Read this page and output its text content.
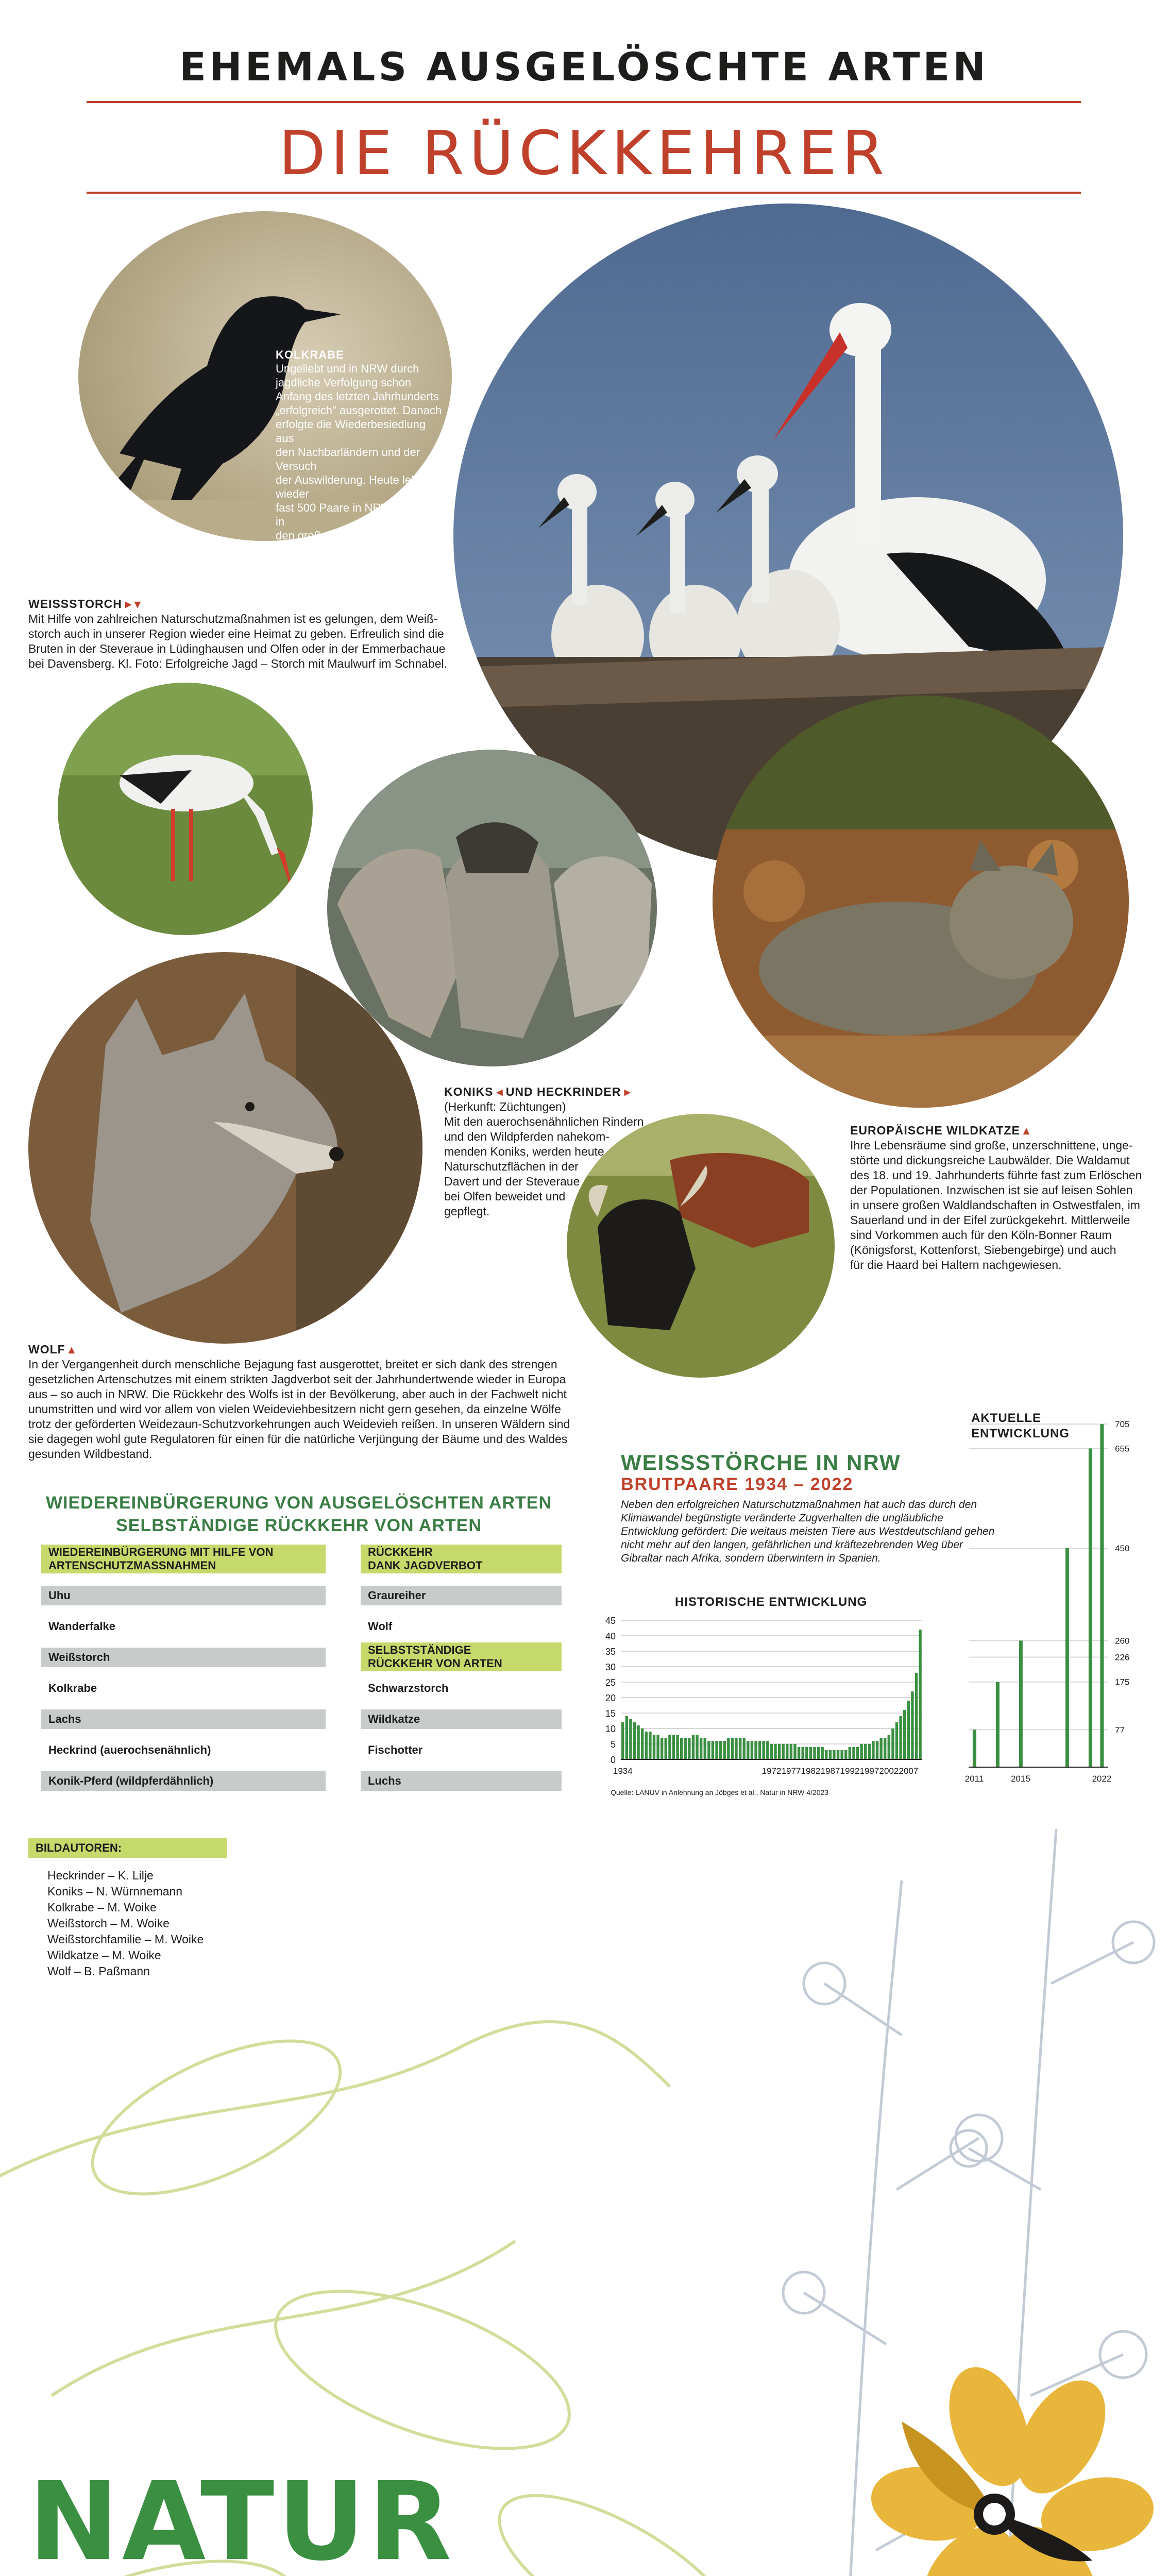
EHEMALS AUSGELÖSCHTE ARTEN
DIE RÜCKKEHRER
KOLKRABE
Ungeliebt und in NRW durch
jagdliche Verfolgung schon
Anfang des letzten Jahrhunderts
„erfolgreich" ausgerottet. Danach
erfolgte die Wiederbesiedlung aus
den Nachbarländern und der Versuch
der Auswilderung. Heute leben wieder
fast 500 Paare in NRW, vor allem in
den großen Waldregionen.
WEISSSTORCH ▸ ▾
Mit Hilfe von zahlreichen Naturschutzmaßnahmen ist es gelungen, dem Weiß-
storch auch in unserer Region wieder eine Heimat zu geben. Erfreulich sind die
Bruten in der Steveraue in Lüdinghausen und Olfen oder in der Emmerbachaue
bei Davensberg. Kl. Foto: Erfolgreiche Jagd – Storch mit Maulwurf im Schnabel.
KONIKS ◂ UND HECKRINDER ▸ (Herkunft: Züchtungen)
Mit den auerochsenähnlichen Rindern
und den Wildpferden nahekom-
menden Koniks, werden heute
Naturschutzflächen in der
Davert und der Steveraue
bei Olfen beweidet und
gepflegt.
EUROPÄISCHE WILDKATZE ▴
Ihre Lebensräume sind große, unzerschnittene, unge-
störte und dickungsreiche Laubwälder. Die Waldamut
des 18. und 19. Jahrhunderts führte fast zum Erlöschen
der Populationen. Inzwischen ist sie auf leisen Sohlen
in unsere großen Waldlandschaften in Ostwestfalen, im
Sauerland und in der Eifel zurückgekehrt. Mittlerweile
sind Vorkommen auch für den Köln-Bonner Raum
(Königsforst, Kottenforst, Siebengebirge) und auch
für die Haard bei Haltern nachgewiesen.
WOLF ▴
In der Vergangenheit durch menschliche Bejagung fast ausgerottet, breitet er sich dank des strengen
gesetzlichen Artenschutzes mit einem strikten Jagdverbot seit der Jahrhundertwende wieder in Europa
aus – so auch in NRW. Die Rückkehr des Wolfs ist in der Bevölkerung, aber auch in der Fachwelt nicht
unumstritten und wird vor allem von vielen Weideviehbesitzern nicht gern gesehen, da einzelne Wölfe
trotz der geförderten Weidezaun-Schutzvorkehrungen auch Weidevieh reißen. In unseren Wäldern sind
sie dagegen wohl gute Regulatoren für einen für die natürliche Verjüngung der Bäume und des Waldes
gesunden Wildbestand.
WIEDEREINBÜRGERUNG VON AUSGELÖSCHTEN ARTEN
SELBSTÄNDIGE RÜCKKEHR VON ARTEN
WIEDEREINBÜRGERUNG MIT HILFE VON
ARTENSCHUTZMASSNAHMEN
Uhu
Wanderfalke
Weißstorch
Kolkrabe
Lachs
Heckrind (auerochsenähnlich)
Konik-Pferd (wildpferdähnlich)
RÜCKKEHR
DANK JAGDVERBOT
Graureiher
Wolf
SELBSTSTÄNDIGE
RÜCKKEHR VON ARTEN
Schwarzstorch
Wildkatze
Fischotter
Luchs
WEISSSTÖRCHE IN NRW
BRUTPAARE 1934 – 2022
Neben den erfolgreichen Naturschutzmaßnahmen hat auch das durch den
Klimawandel begünstigte veränderte Zugverhalten die ungläubliche
Entwicklung gefördert: Die weitaus meisten Tiere aus Westdeutschland gehen
nicht mehr auf den langen, gefährlichen und kräftezehrenden Weg über
Gibraltar nach Afrika, sondern überwintern in Spanien.
HISTORISCHE ENTWICKLUNG
0
5
10
15
20
25
30
35
40
45
1934	1972 1977 1982 1987 1992 1997 2002 2007
AKTUELLE
ENTWICKLUNG
77
175
226
260
450
655
705
2011	2015	2022
Quelle: LANUV in Anlehnung an Jöbges et al., Natur in NRW 4/2023
BILDAUTOREN:
Heckrinder – K. Lilje
Koniks – N. Würnnemann
Kolkrabe – M. Woike
Weißstorch – M. Woike
Weißstorchfamilie – M. Woike
Wildkatze – M. Woike
Wolf – B. Paßmann
NATUR
